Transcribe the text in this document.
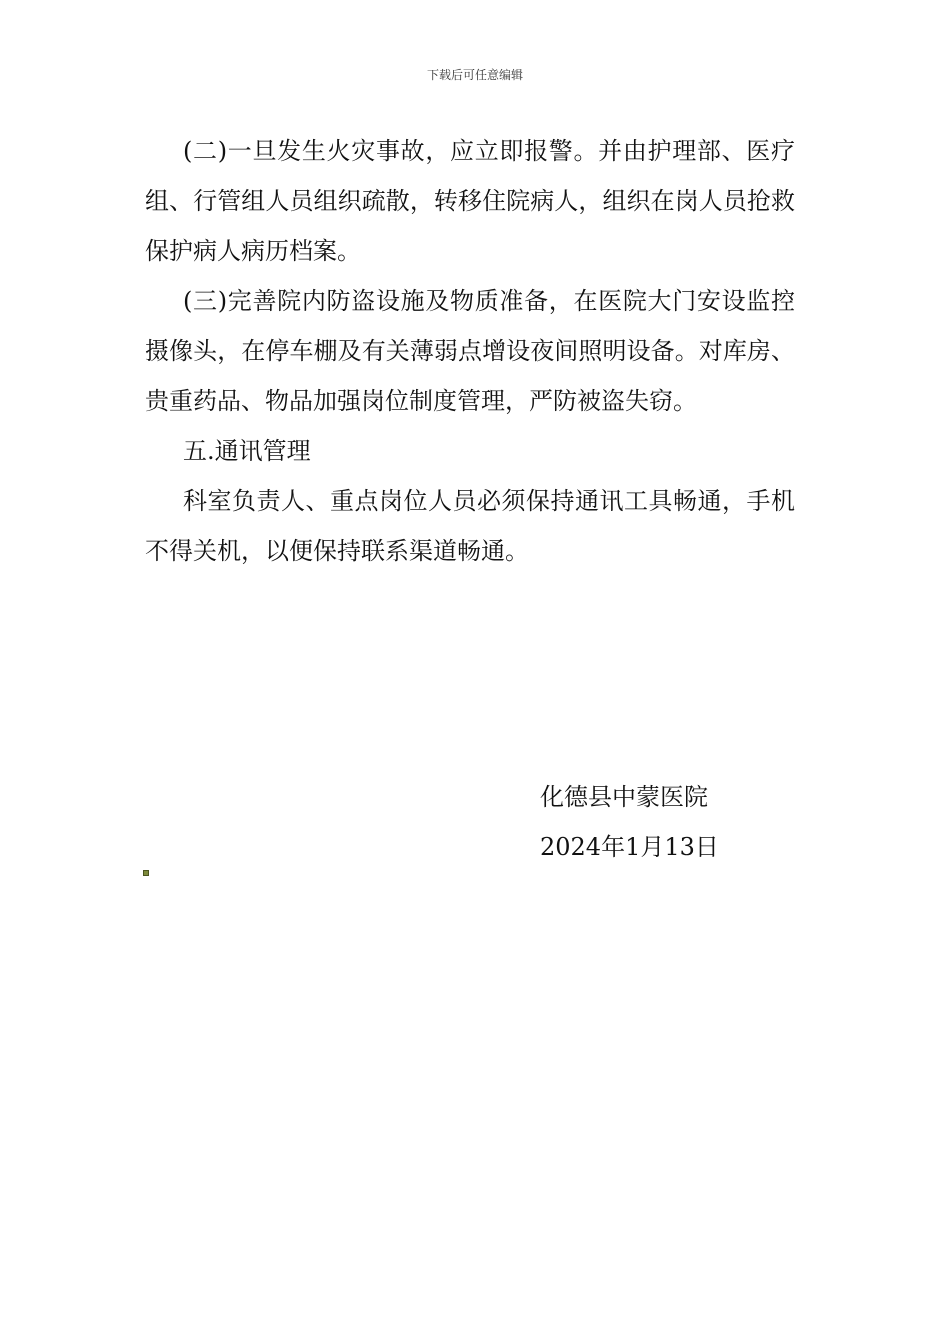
下载后可任意编辑

(二)一旦发生火灾事故，应立即报警。并由护理部、医疗组、行管组人员组织疏散，转移住院病人，组织在岗人员抢救保护病人病历档案。

(三)完善院内防盗设施及物质准备，在医院大门安设监控摄像头，在停车棚及有关薄弱点增设夜间照明设备。对库房、贵重药品、物品加强岗位制度管理，严防被盗失窃。

五.通讯管理

科室负责人、重点岗位人员必须保持通讯工具畅通，手机不得关机，以便保持联系渠道畅通。

化德县中蒙医院
2024年1月13日
